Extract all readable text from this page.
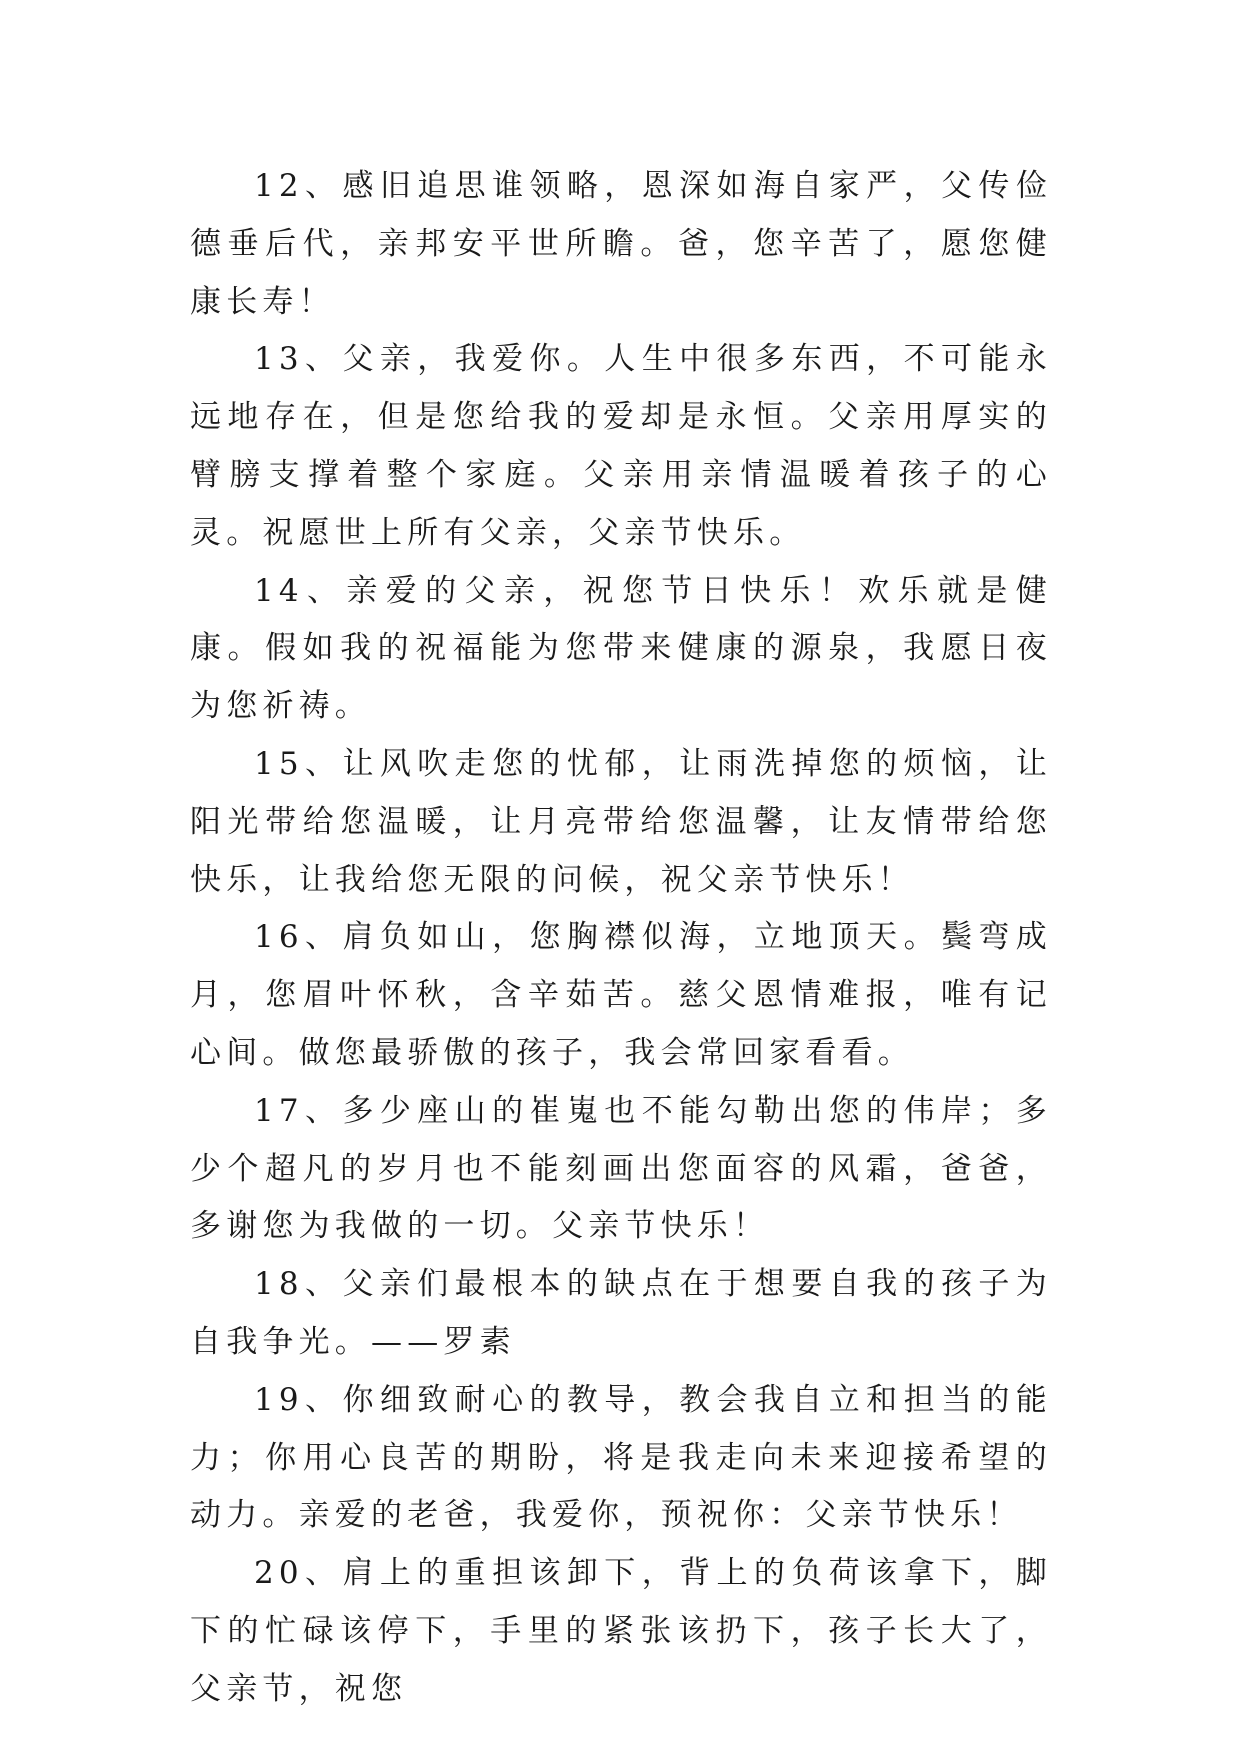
12、感旧追思谁领略，恩深如海自家严，父传俭德垂后代，亲邦安平世所瞻。爸，您辛苦了，愿您健康长寿！

13、父亲，我爱你。人生中很多东西，不可能永远地存在，但是您给我的爱却是永恒。父亲用厚实的臂膀支撑着整个家庭。父亲用亲情温暖着孩子的心灵。祝愿世上所有父亲，父亲节快乐。

14、亲爱的父亲，祝您节日快乐！欢乐就是健康。假如我的祝福能为您带来健康的源泉，我愿日夜为您祈祷。

15、让风吹走您的忧郁，让雨洗掉您的烦恼，让阳光带给您温暖，让月亮带给您温馨，让友情带给您快乐，让我给您无限的问候，祝父亲节快乐！

16、肩负如山，您胸襟似海，立地顶天。鬓弯成月，您眉叶怀秋，含辛茹苦。慈父恩情难报，唯有记心间。做您最骄傲的孩子，我会常回家看看。

17、多少座山的崔嵬也不能勾勒出您的伟岸；多少个超凡的岁月也不能刻画出您面容的风霜，爸爸，多谢您为我做的一切。父亲节快乐！

18、父亲们最根本的缺点在于想要自我的孩子为自我争光。——罗素

19、你细致耐心的教导，教会我自立和担当的能力；你用心良苦的期盼，将是我走向未来迎接希望的动力。亲爱的老爸，我爱你，预祝你：父亲节快乐！

20、肩上的重担该卸下，背上的负荷该拿下，脚下的忙碌该停下，手里的紧张该扔下，孩子长大了，父亲节，祝您
